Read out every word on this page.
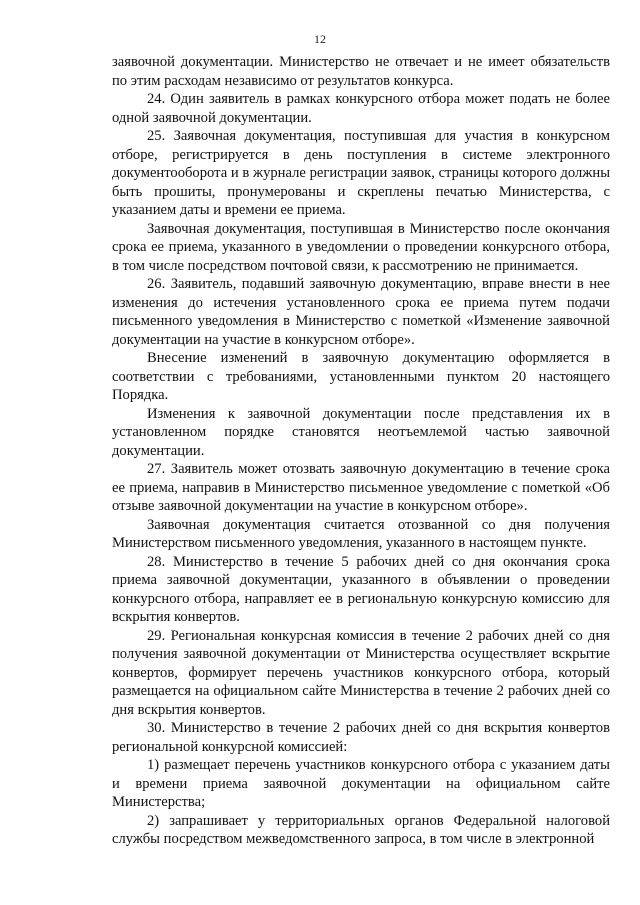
12

заявочной документации. Министерство не отвечает и не имеет обязательств по этим расходам независимо от результатов конкурса.

24. Один заявитель в рамках конкурсного отбора может подать не более одной заявочной документации.

25. Заявочная документация, поступившая для участия в конкурсном отборе, регистрируется в день поступления в системе электронного документооборота и в журнале регистрации заявок, страницы которого должны быть прошиты, пронумерованы и скреплены печатью Министерства, с указанием даты и времени ее приема.

Заявочная документация, поступившая в Министерство после окончания срока ее приема, указанного в уведомлении о проведении конкурсного отбора, в том числе посредством почтовой связи, к рассмотрению не принимается.

26. Заявитель, подавший заявочную документацию, вправе внести в нее изменения до истечения установленного срока ее приема путем подачи письменного уведомления в Министерство с пометкой «Изменение заявочной документации на участие в конкурсном отборе».

Внесение изменений в заявочную документацию оформляется в соответствии с требованиями, установленными пунктом 20 настоящего Порядка.

Изменения к заявочной документации после представления их в установленном порядке становятся неотъемлемой частью заявочной документации.

27. Заявитель может отозвать заявочную документацию в течение срока ее приема, направив в Министерство письменное уведомление с пометкой «Об отзыве заявочной документации на участие в конкурсном отборе».

Заявочная документация считается отозванной со дня получения Министерством письменного уведомления, указанного в настоящем пункте.

28. Министерство в течение 5 рабочих дней со дня окончания срока приема заявочной документации, указанного в объявлении о проведении конкурсного отбора, направляет ее в региональную конкурсную комиссию для вскрытия конвертов.

29. Региональная конкурсная комиссия в течение 2 рабочих дней со дня получения заявочной документации от Министерства осуществляет вскрытие конвертов, формирует перечень участников конкурсного отбора, который размещается на официальном сайте Министерства в течение 2 рабочих дней со дня вскрытия конвертов.

30. Министерство в течение 2 рабочих дней со дня вскрытия конвертов региональной конкурсной комиссией:

1) размещает перечень участников конкурсного отбора с указанием даты и времени приема заявочной документации на официальном сайте Министерства;

2) запрашивает у территориальных органов Федеральной налоговой службы посредством межведомственного запроса, в том числе в электронной
